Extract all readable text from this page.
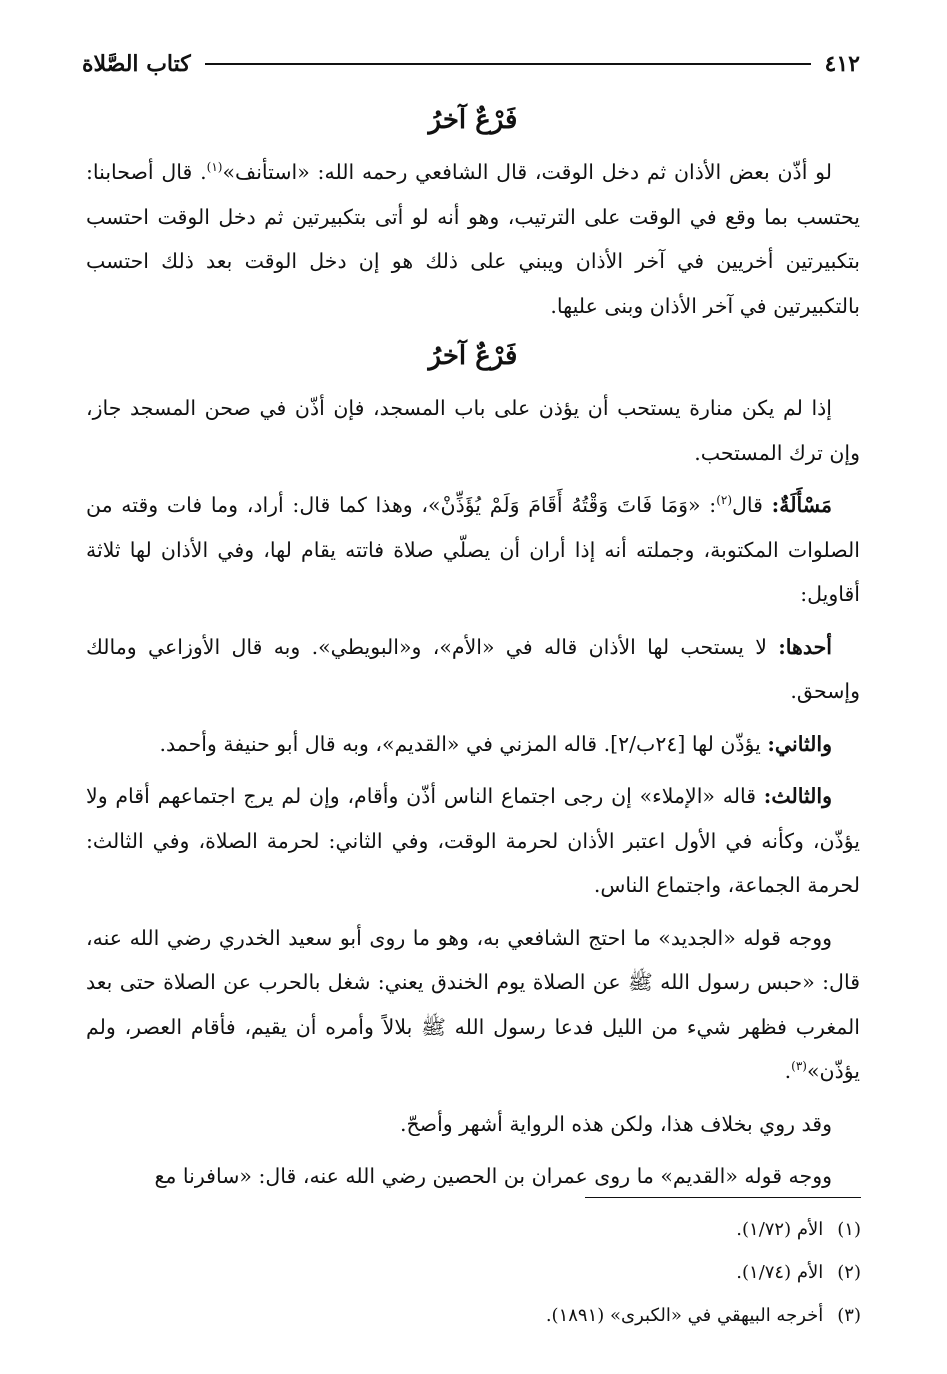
٤١٢
كتاب الصَّلاة
فَرْعٌ آخرُ

لو أذّن بعض الأذان ثم دخل الوقت، قال الشافعي رحمه الله: «استأنف»$^{(١)}$. قال أصحابنا: يحتسب بما وقع في الوقت على الترتيب، وهو أنه لو أتى بتكبيرتين ثم دخل الوقت احتسب بتكبيرتين أخريين في آخر الأذان ويبني على ذلك هو إن دخل الوقت بعد ذلك احتسب بالتكبيرتين في آخر الأذان وبنى عليها.

فَرْعٌ آخرُ

إذا لم يكن منارة يستحب أن يؤذن على باب المسجد، فإن أذّن في صحن المسجد جاز، وإن ترك المستحب.

مَسْأَلَةٌ: قال$^{(٢)}$: «وَمَا فَاتَ وَقْتُهُ أَقَامَ وَلَمْ يُؤَذِّنْ»، وهذا كما قال: أراد، وما فات وقته من الصلوات المكتوبة، وجملته أنه إذا أران أن يصلّي صلاة فاتته يقام لها، وفي الأذان لها ثلاثة أقاويل:

أحدها: لا يستحب لها الأذان قاله في «الأم»، و«البويطي». وبه قال الأوزاعي ومالك وإسحق.

والثاني: يؤذّن لها [٢٤ب/٢]. قاله المزني في «القديم»، وبه قال أبو حنيفة وأحمد.

والثالث: قاله «الإملاء» إن رجى اجتماع الناس أذّن وأقام، وإن لم يرج اجتماعهم أقام ولا يؤذّن، وكأنه في الأول اعتبر الأذان لحرمة الوقت، وفي الثاني: لحرمة الصلاة، وفي الثالث: لحرمة الجماعة، واجتماع الناس.

ووجه قوله «الجديد» ما احتج الشافعي به، وهو ما روى أبو سعيد الخدري رضي الله عنه، قال: «حبس رسول الله ﷺ عن الصلاة يوم الخندق يعني: شغل بالحرب عن الصلاة حتى بعد المغرب فظهر شيء من الليل فدعا رسول الله ﷺ بلالاً وأمره أن يقيم، فأقام العصر، ولم يؤذّن»$^{(٣)}$.

وقد روي بخلاف هذا، ولكن هذه الرواية أشهر وأصحّ.

ووجه قوله «القديم» ما روى عمران بن الحصين رضي الله عنه، قال: «سافرنا مع

(١)الأم (١/٧٢).
(٢)الأم (١/٧٤).
(٣)أخرجه البيهقي في «الكبرى» (١٨٩١).
